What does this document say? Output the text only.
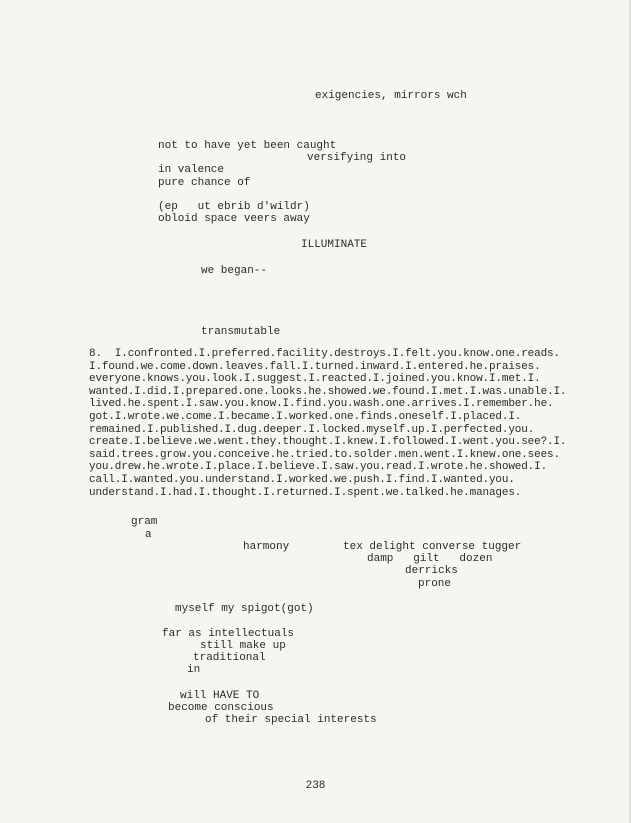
exigencies, mirrors wch
not to have yet been caught
versifying into
in valence
pure chance of
(ep   ut ebrib d'wildr)
obloid space veers away
ILLUMINATE
we began--
transmutable
8.  I.confronted.I.preferred.facility.destroys.I.felt.you.know.one.reads.
I.found.we.come.down.leaves.fall.I.turned.inward.I.entered.he.praises.
everyone.knows.you.look.I.suggest.I.reacted.I.joined.you.know.I.met.I.
wanted.I.did.I.prepared.one.looks.he.showed.we.found.I.met.I.was.unable.I.
lived.he.spent.I.saw.you.know.I.find.you.wash.one.arrives.I.remember.he.
got.I.wrote.we.come.I.became.I.worked.one.finds.oneself.I.placed.I.
remained.I.published.I.dug.deeper.I.locked.myself.up.I.perfected.you.
create.I.believe.we.went.they.thought.I.knew.I.followed.I.went.you.see?.I.
said.trees.grow.you.conceive.he.tried.to.solder.men.went.I.knew.one.sees.
you.drew.he.wrote.I.place.I.believe.I.saw.you.read.I.wrote.he.showed.I.
call.I.wanted.you.understand.I.worked.we.push.I.find.I.wanted.you.
understand.I.had.I.thought.I.returned.I.spent.we.talked.he.manages.
gram
a
harmony	tex delight converse tugger
damp   gilt   dozen
derricks
prone
myself my spigot(got)
far as intellectuals
still make up
traditional
in
will HAVE TO
become conscious
of their special interests
238
